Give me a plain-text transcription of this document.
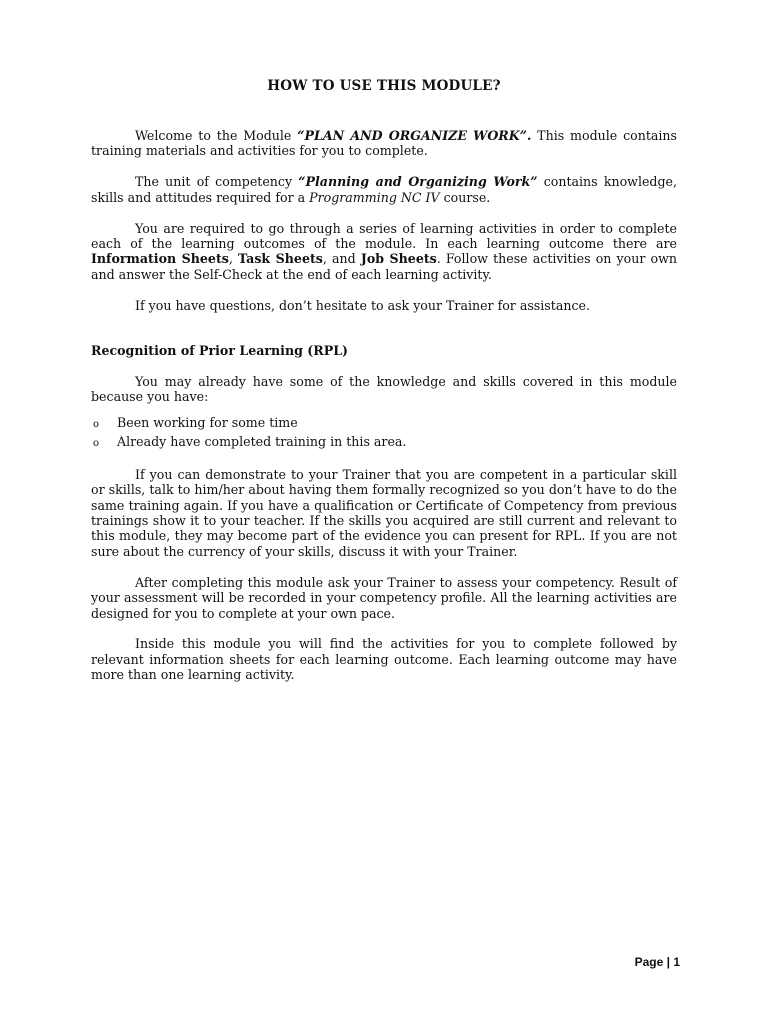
HOW TO USE THIS MODULE?

Welcome to the Module “PLAN AND ORGANIZE WORK”. This module contains training materials and activities for you to complete.

The unit of competency “Planning and Organizing Work” contains knowledge, skills and attitudes required for a Programming NC IV course.

You are required to go through a series of learning activities in order to complete each of the learning outcomes of the module. In each learning outcome there are Information Sheets, Task Sheets, and Job Sheets. Follow these activities on your own and answer the Self-Check at the end of each learning activity.

If you have questions, don’t hesitate to ask your Trainer for assistance.

Recognition of Prior Learning (RPL)

You may already have some of the knowledge and skills covered in this module because you have:

o Been working for some time
o Already have completed training in this area.

If you can demonstrate to your Trainer that you are competent in a particular skill or skills, talk to him/her about having them formally recognized so you don’t have to do the same training again. If you have a qualification or Certificate of Competency from previous trainings show it to your teacher. If the skills you acquired are still current and relevant to this module, they may become part of the evidence you can present for RPL. If you are not sure about the currency of your skills, discuss it with your Trainer.

After completing this module ask your Trainer to assess your competency. Result of your assessment will be recorded in your competency profile. All the learning activities are designed for you to complete at your own pace.

Inside this module you will find the activities for you to complete followed by relevant information sheets for each learning outcome. Each learning outcome may have more than one learning activity.

Page | 1
